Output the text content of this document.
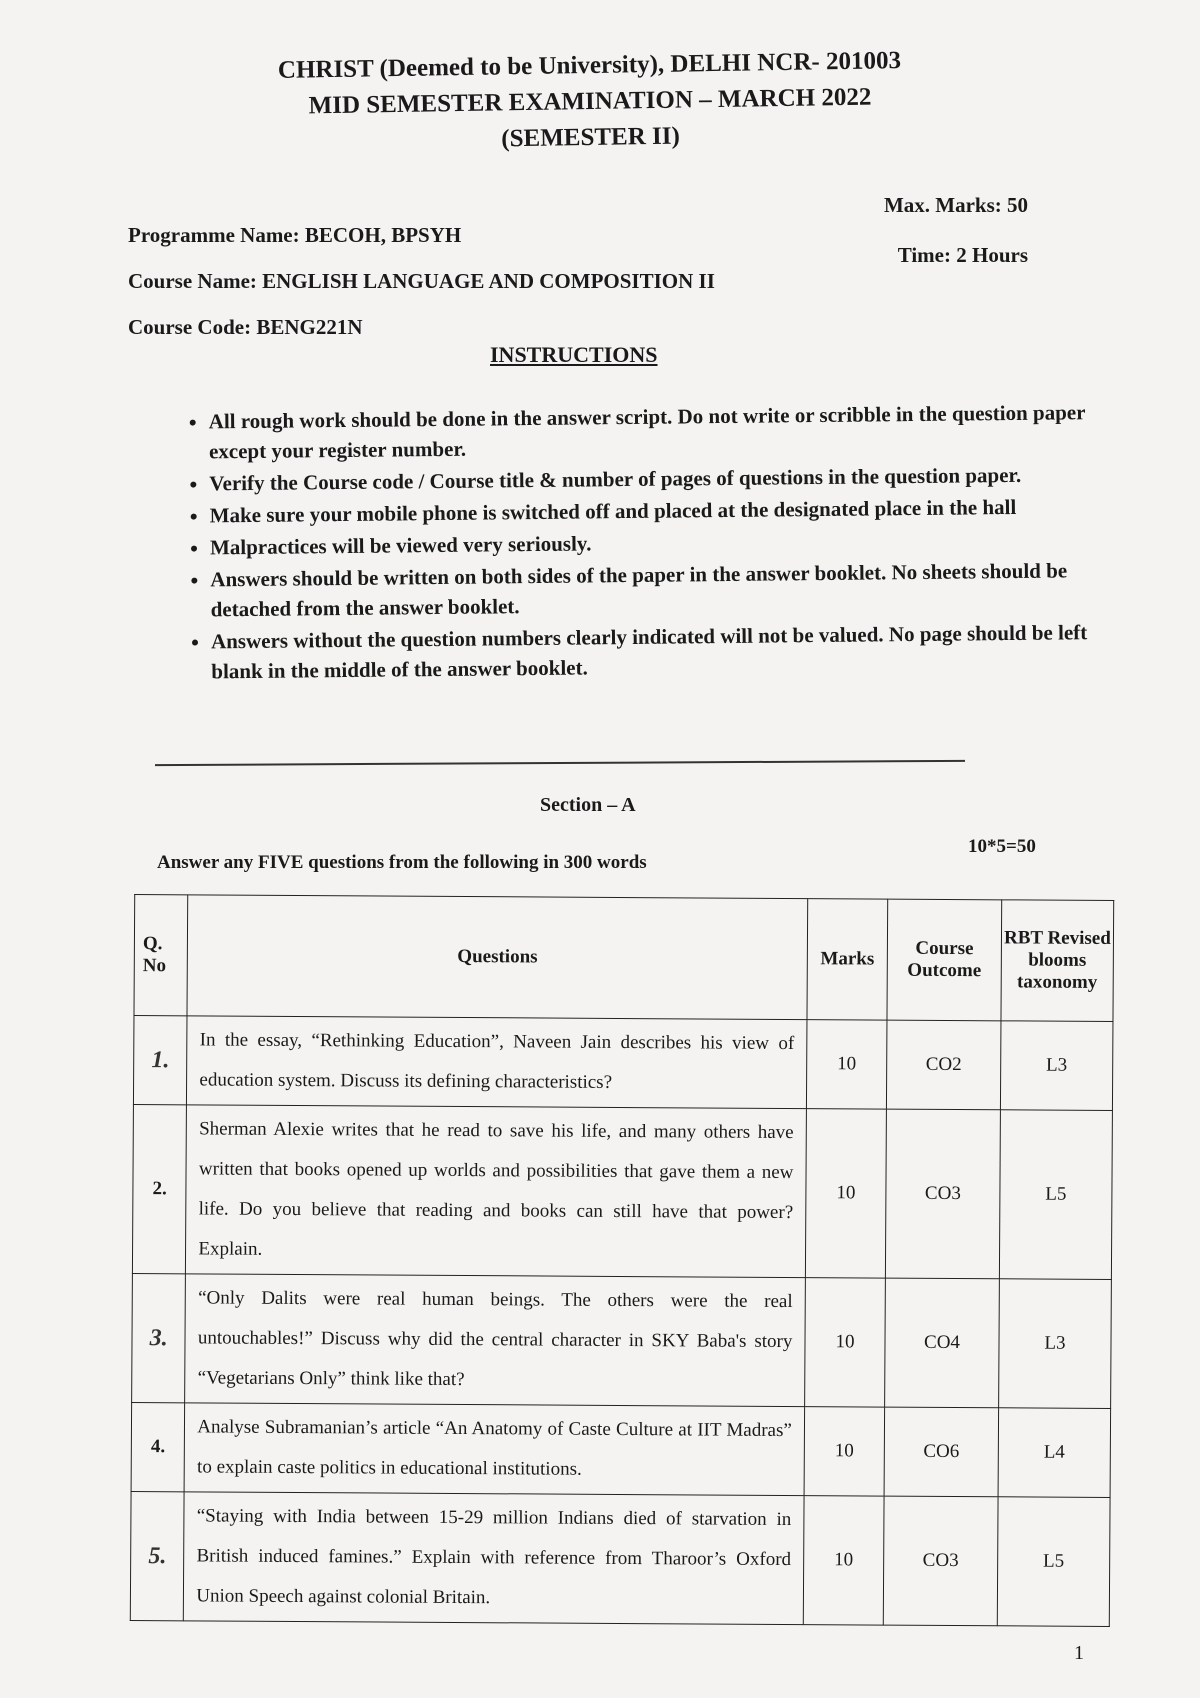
CHRIST (Deemed to be University), DELHI NCR- 201003
MID SEMESTER EXAMINATION – MARCH 2022
(SEMESTER II)
Programme Name: BECOH, BPSYH
Course Name: ENGLISH LANGUAGE AND COMPOSITION II
Course Code: BENG221N
Max. Marks: 50
Time: 2 Hours
INSTRUCTIONS
• All rough work should be done in the answer script. Do not write or scribble in the question paper except your register number.
• Verify the Course code / Course title & number of pages of questions in the question paper.
• Make sure your mobile phone is switched off and placed at the designated place in the hall
• Malpractices will be viewed very seriously.
• Answers should be written on both sides of the paper in the answer booklet. No sheets should be detached from the answer booklet.
• Answers without the question numbers clearly indicated will not be valued. No page should be left blank in the middle of the answer booklet.
Section – A
Answer any FIVE questions from the following in 300 words
10*5=50
Q. No	Questions	Marks	Course Outcome	RBT Revised blooms taxonomy
1.	In the essay, “Rethinking Education”, Naveen Jain describes his view of education system. Discuss its defining characteristics?	10	CO2	L3
2.	Sherman Alexie writes that he read to save his life, and many others have written that books opened up worlds and possibilities that gave them a new life. Do you believe that reading and books can still have that power? Explain.	10	CO3	L5
3.	“Only Dalits were real human beings. The others were the real untouchables!” Discuss why did the central character in SKY Baba's story “Vegetarians Only” think like that?	10	CO4	L3
4.	Analyse Subramanian’s article “An Anatomy of Caste Culture at IIT Madras” to explain caste politics in educational institutions.	10	CO6	L4
5.	“Staying with India between 15-29 million Indians died of starvation in British induced famines.” Explain with reference from Tharoor’s Oxford Union Speech against colonial Britain.	10	CO3	L5
1
